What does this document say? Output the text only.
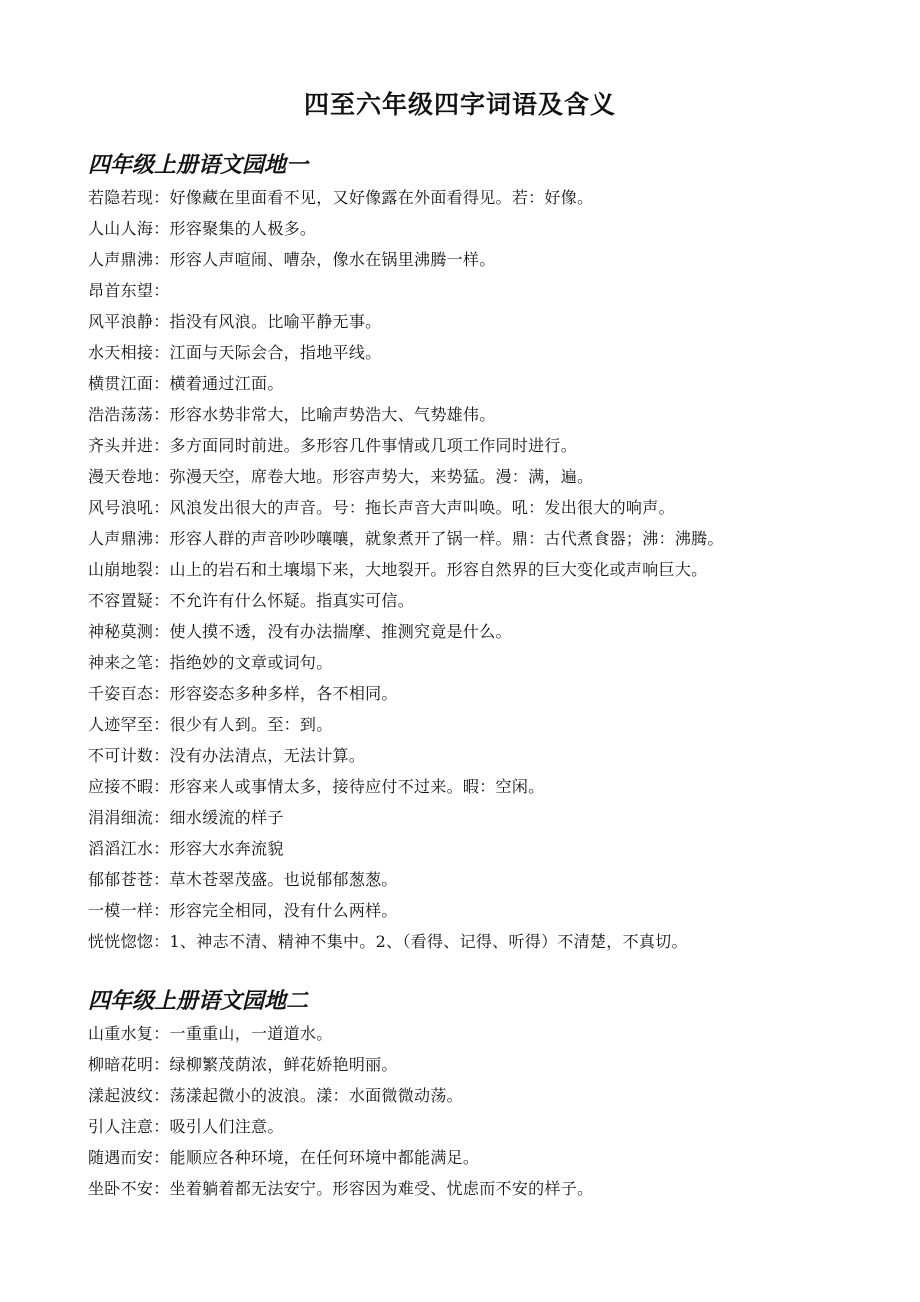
四至六年级四字词语及含义
四年级上册语文园地一
若隐若现：好像藏在里面看不见，又好像露在外面看得见。若：好像。
人山人海：形容聚集的人极多。
人声鼎沸：形容人声喧闹、嘈杂，像水在锅里沸腾一样。
昂首东望：
风平浪静：指没有风浪。比喻平静无事。
水天相接：江面与天际会合，指地平线。
横贯江面：横着通过江面。
浩浩荡荡：形容水势非常大，比喻声势浩大、气势雄伟。
齐头并进：多方面同时前进。多形容几件事情或几项工作同时进行。
漫天卷地：弥漫天空，席卷大地。形容声势大，来势猛。漫：满，遍。
风号浪吼：风浪发出很大的声音。号：拖长声音大声叫唤。吼：发出很大的响声。
人声鼎沸：形容人群的声音吵吵嚷嚷，就象煮开了锅一样。鼎：古代煮食器；沸：沸腾。
山崩地裂：山上的岩石和土壤塌下来，大地裂开。形容自然界的巨大变化或声响巨大。
不容置疑：不允许有什么怀疑。指真实可信。
神秘莫测：使人摸不透，没有办法揣摩、推测究竟是什么。
神来之笔：指绝妙的文章或词句。
千姿百态：形容姿态多种多样，各不相同。
人迹罕至：很少有人到。至：到。
不可计数：没有办法清点，无法计算。
应接不暇：形容来人或事情太多，接待应付不过来。暇：空闲。
涓涓细流：细水缓流的样子
滔滔江水：形容大水奔流貌
郁郁苍苍：草木苍翠茂盛。也说郁郁葱葱。
一模一样：形容完全相同，没有什么两样。
恍恍惚惚：1、神志不清、精神不集中。2、（看得、记得、听得）不清楚，不真切。
四年级上册语文园地二
山重水复：一重重山，一道道水。
柳暗花明：绿柳繁茂荫浓，鲜花娇艳明丽。
漾起波纹：荡漾起微小的波浪。漾：水面微微动荡。
引人注意：吸引人们注意。
随遇而安：能顺应各种环境，在任何环境中都能满足。
坐卧不安：坐着躺着都无法安宁。形容因为难受、忧虑而不安的样子。
